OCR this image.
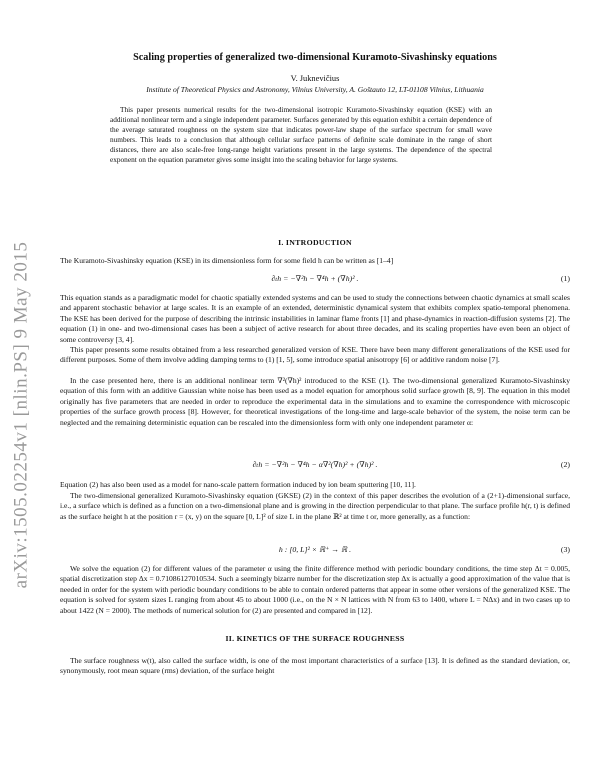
arXiv:1505.02254v1 [nlin.PS] 9 May 2015
Scaling properties of generalized two-dimensional Kuramoto-Sivashinsky equations
V. Juknevičius
Institute of Theoretical Physics and Astronomy, Vilnius University, A. Goštauto 12, LT-01108 Vilnius, Lithuania
This paper presents numerical results for the two-dimensional isotropic Kuramoto-Sivashinsky equation (KSE) with an additional nonlinear term and a single independent parameter. Surfaces generated by this equation exhibit a certain dependence of the average saturated roughness on the system size that indicates power-law shape of the surface spectrum for small wave numbers. This leads to a conclusion that although cellular surface patterns of definite scale dominate in the range of short distances, there are also scale-free long-range height variations present in the large systems. The dependence of the spectral exponent on the equation parameter gives some insight into the scaling behavior for large systems.
I. INTRODUCTION
The Kuramoto-Sivashinsky equation (KSE) in its dimensionless form for some field h can be written as [1–4]
∂ₜh = −∇²h − ∇⁴h + (∇h)² .	(1)
This equation stands as a paradigmatic model for chaotic spatially extended systems and can be used to study the connections between chaotic dynamics at small scales and apparent stochastic behavior at large scales. It is an example of an extended, deterministic dynamical system that exhibits complex spatio-temporal phenomena. The KSE has been derived for the purpose of describing the intrinsic instabilities in laminar flame fronts [1] and phase-dynamics in reaction-diffusion systems [2]. The equation (1) in one- and two-dimensional cases has been a subject of active research for about three decades, and its scaling properties have even been an object of some controversy [3, 4].
This paper presents some results obtained from a less researched generalized version of KSE. There have been many different generalizations of the KSE used for different purposes. Some of them involve adding damping terms to (1) [1, 5], some introduce spatial anisotropy [6] or additive random noise [7].
In the case presented here, there is an additional nonlinear term ∇²(∇h)² introduced to the KSE (1). The two-dimensional generalized Kuramoto-Sivashinsky equation of this form with an additive Gaussian white noise has been used as a model equation for amorphous solid surface growth [8, 9]. The equation in this model originally has five parameters that are needed in order to reproduce the experimental data in the simulations and to examine the correspondence with microscopic properties of the surface growth process [8]. However, for theoretical investigations of the long-time and large-scale behavior of the system, the noise term can be neglected and the remaining deterministic equation can be rescaled into the dimensionless form with only one independent parameter α:
∂ₜh = −∇²h − ∇⁴h − α∇²(∇h)² + (∇h)² .	(2)
Equation (2) has also been used as a model for nano-scale pattern formation induced by ion beam sputtering [10, 11].
The two-dimensional generalized Kuramoto-Sivashinsky equation (GKSE) (2) in the context of this paper describes the evolution of a (2+1)-dimensional surface, i.e., a surface which is defined as a function on a two-dimensional plane and is growing in the direction perpendicular to that plane. The surface profile h(r, t) is defined as the surface height h at the position r = (x, y) on the square [0, L]² of size L in the plane ℝ² at time t or, more generally, as a function:
h : [0, L]² × ℝ⁺ → ℝ .	(3)
We solve the equation (2) for different values of the parameter α using the finite difference method with periodic boundary conditions, the time step Δt = 0.005, spatial discretization step Δx = 0.71086127010534. Such a seemingly bizarre number for the discretization step Δx is actually a good approximation of the value that is needed in order for the system with periodic boundary conditions to be able to contain ordered patterns that appear in some other versions of the generalized KSE. The equation is solved for system sizes L ranging from about 45 to about 1000 (i.e., on the N × N lattices with N from 63 to 1400, where L = NΔx) and in two cases up to about 1422 (N = 2000). The methods of numerical solution for (2) are presented and compared in [12].
II. KINETICS OF THE SURFACE ROUGHNESS
The surface roughness w(t), also called the surface width, is one of the most important characteristics of a surface [13]. It is defined as the standard deviation, or, synonymously, root mean square (rms) deviation, of the surface height
